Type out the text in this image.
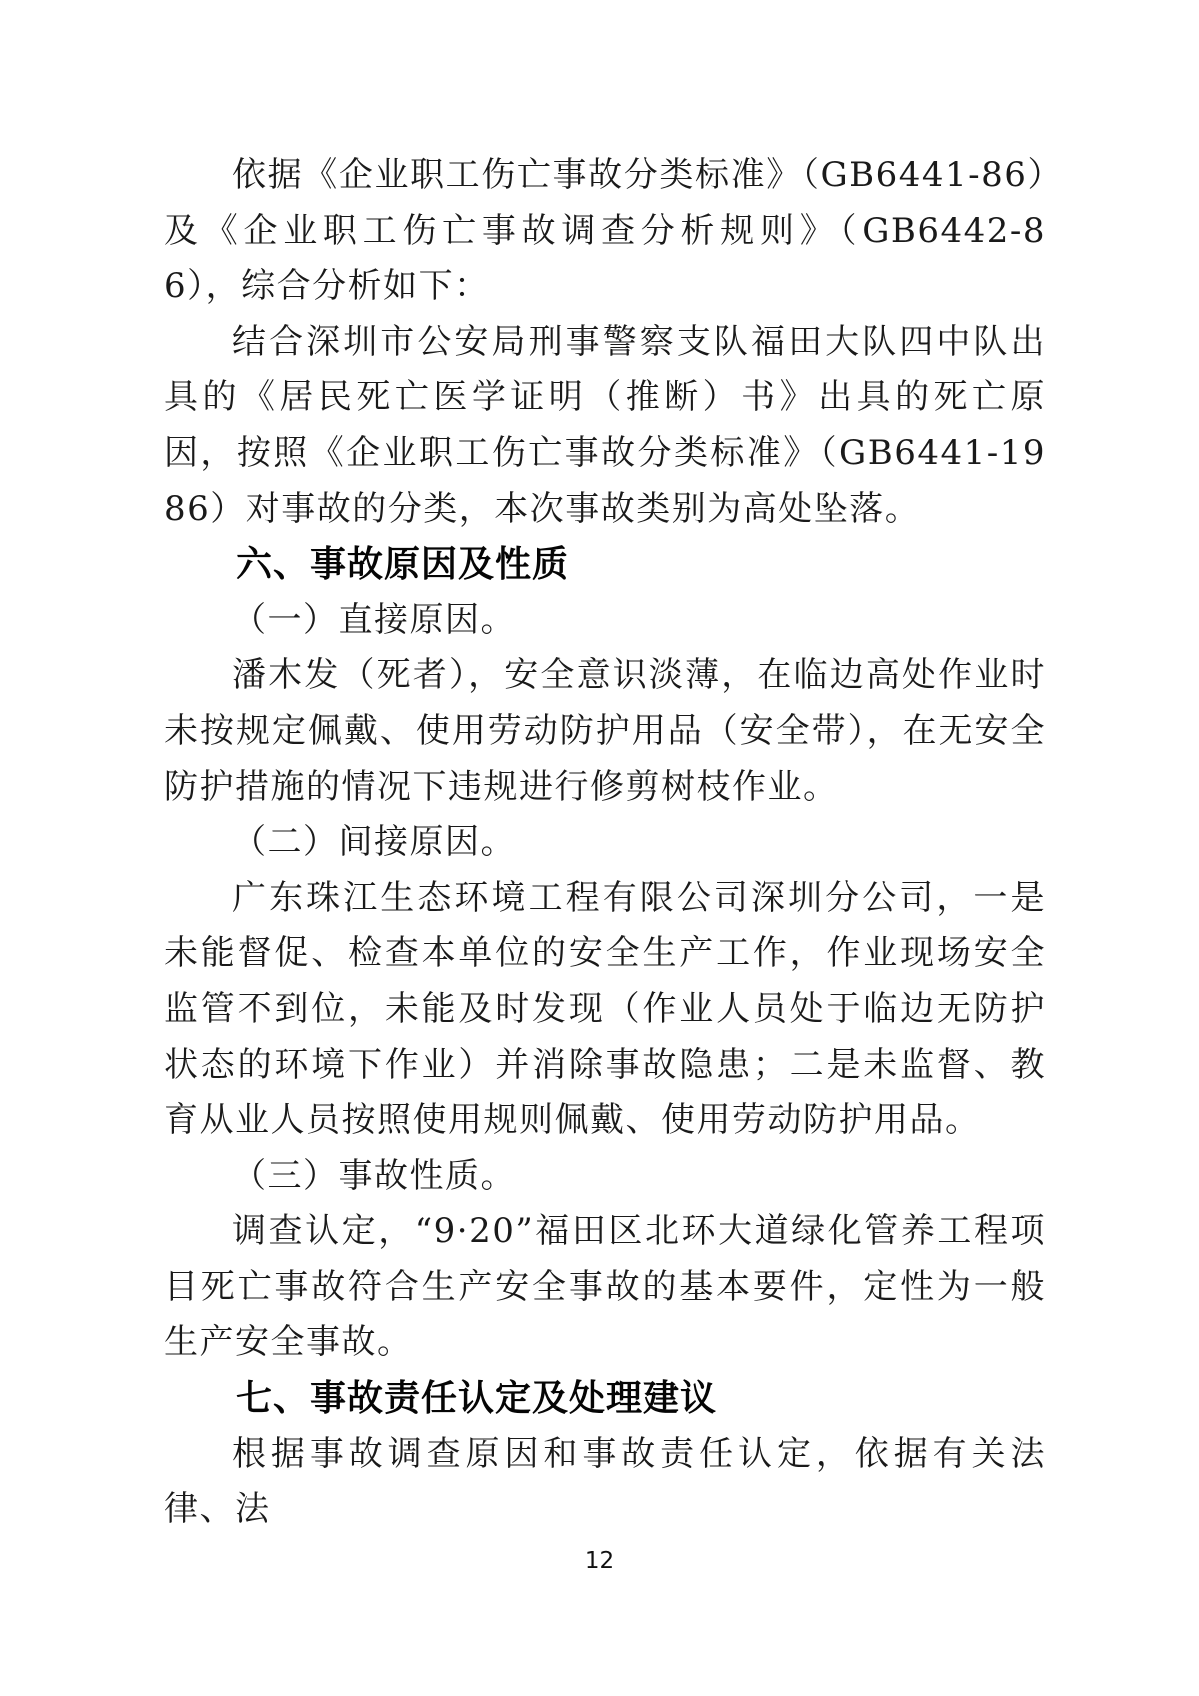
依据《企业职工伤亡事故分类标准》（GB6441-86）及《企业职工伤亡事故调查分析规则》（GB6442-86），综合分析如下：

结合深圳市公安局刑事警察支队福田大队四中队出具的《居民死亡医学证明（推断）书》出具的死亡原因，按照《企业职工伤亡事故分类标准》（GB6441-1986）对事故的分类，本次事故类别为高处坠落。

六、事故原因及性质

（一）直接原因。

潘木发（死者），安全意识淡薄，在临边高处作业时未按规定佩戴、使用劳动防护用品（安全带），在无安全防护措施的情况下违规进行修剪树枝作业。

（二）间接原因。

广东珠江生态环境工程有限公司深圳分公司，一是未能督促、检查本单位的安全生产工作，作业现场安全监管不到位，未能及时发现（作业人员处于临边无防护状态的环境下作业）并消除事故隐患；二是未监督、教育从业人员按照使用规则佩戴、使用劳动防护用品。

（三）事故性质。

调查认定，“9·20”福田区北环大道绿化管养工程项目死亡事故符合生产安全事故的基本要件，定性为一般生产安全事故。

七、事故责任认定及处理建议

根据事故调查原因和事故责任认定，依据有关法律、法

12
